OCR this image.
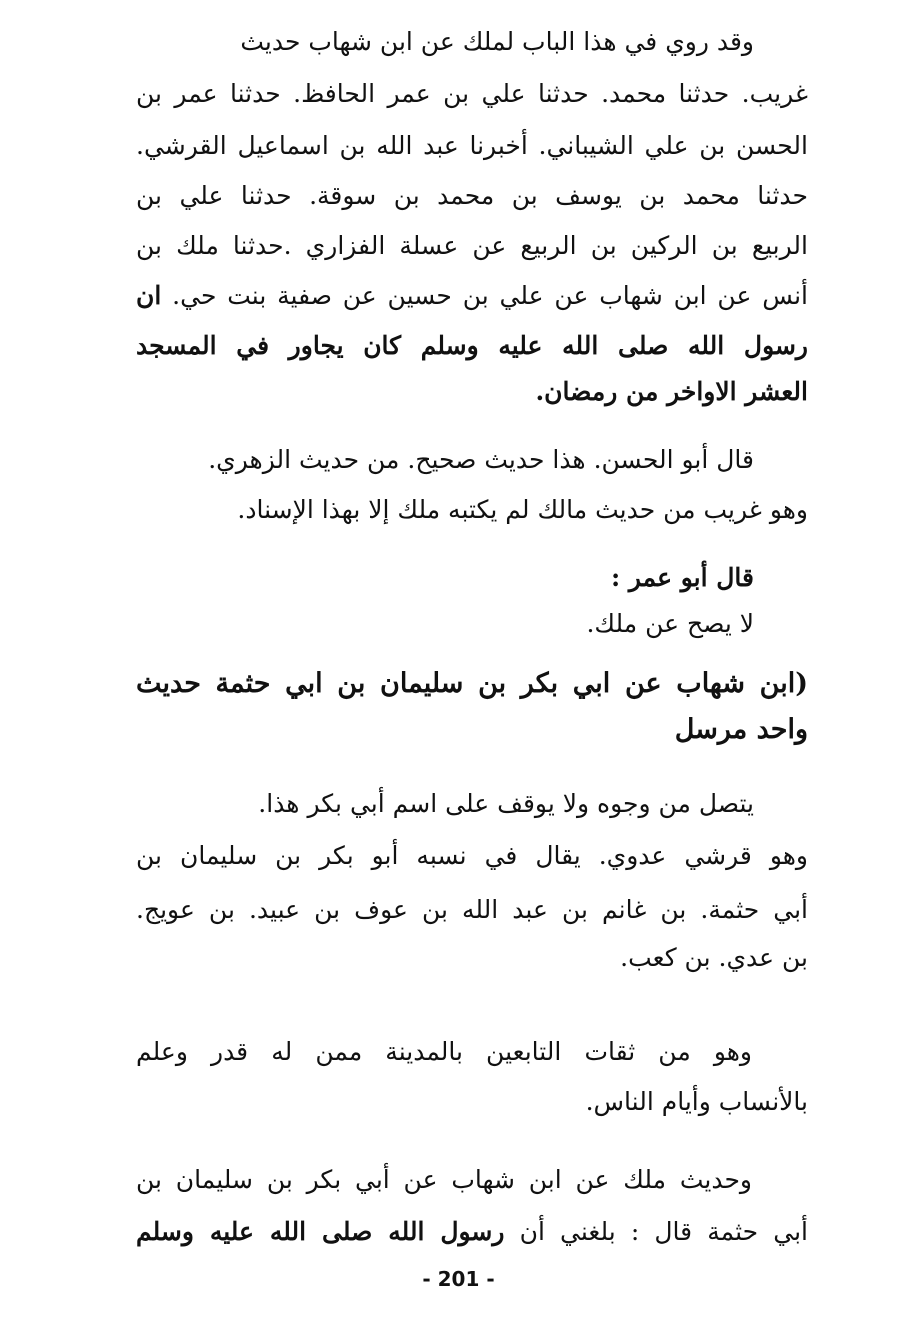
وقد روي في هذا الباب لملك عن ابن شهاب حديث
غريب. حدثنا محمد. حدثنا علي بن عمر الحافظ. حدثنا عمر بن
الحسن بن علي الشيباني. أخبرنا عبد الله بن اسماعيل القرشي.
حدثنا محمد بن يوسف بن محمد بن سوقة. حدثنا علي بن
الربيع بن الركين بن الربيع عن عسلة الفزاري .حدثنا ملك بن
أنس عن ابن شهاب عن علي بن حسين عن صفية بنت حي. ان
رسول الله صلى الله عليه وسلم كان يجاور في المسجد
العشر الاواخر من رمضان.
قال أبو الحسن. هذا حديث صحيح. من حديث الزهري.
وهو غريب من حديث مالك لم يكتبه ملك إلا بهذا الإسناد.
قال أبو عمر :
لا يصح عن ملك.
(ابن شهاب عن ابي بكر بن سليمان بن ابي حثمة حديث
واحد مرسل
يتصل من وجوه ولا يوقف على اسم أبي بكر هذا.
وهو قرشي عدوي. يقال في نسبه أبو بكر بن سليمان بن
أبي حثمة. بن غانم بن عبد الله بن عوف بن عبيد. بن عويج.
بن عدي. بن كعب.
وهو من ثقات التابعين بالمدينة ممن له قدر وعلم
بالأنساب وأيام الناس.
وحديث ملك عن ابن شهاب عن أبي بكر بن سليمان بن
أبي حثمة قال : بلغني أن رسول الله صلى الله عليه وسلم
- 201 -
